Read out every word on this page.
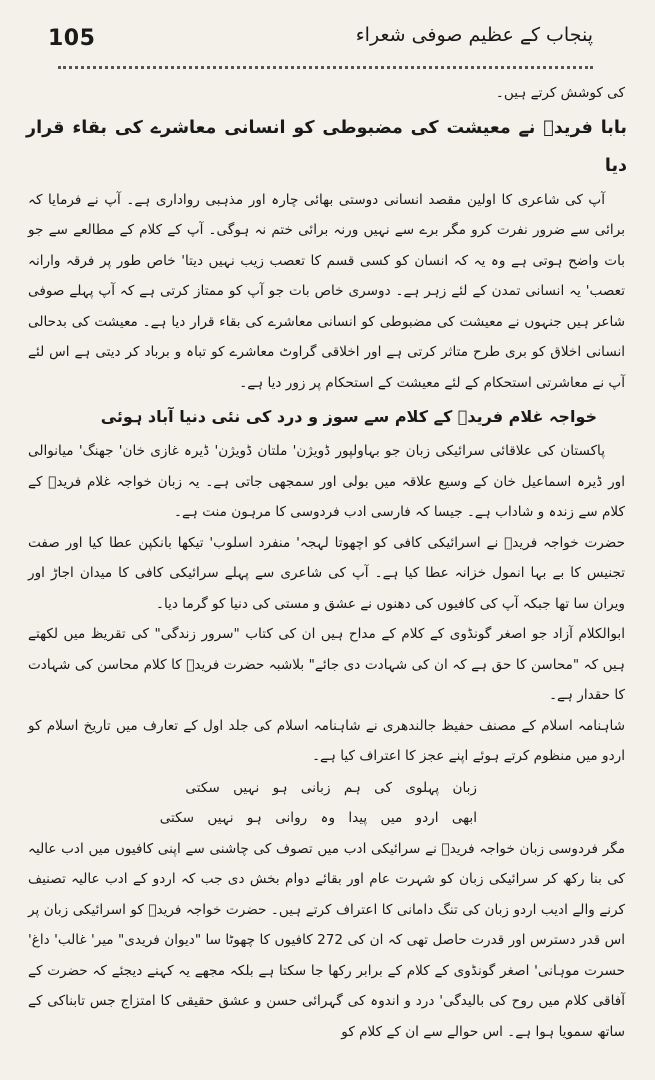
105	پنجاب کے عظیم صوفی شعراء

کی کوشش کرتے ہیں۔

بابا فریدؒ نے معیشت کی مضبوطی کو انسانی معاشرے کی بقاء قرار دیا

آپ کی شاعری کا اولین مقصد انسانی دوستی بھائی چارہ اور مذہبی رواداری ہے۔ آپ نے فرمایا کہ برائی سے ضرور نفرت کرو مگر برے سے نہیں ورنہ برائی ختم نہ ہوگی۔ آپ کے کلام کے مطالعے سے جو بات واضح ہوتی ہے وہ یہ کہ انسان کو کسی قسم کا تعصب زیب نہیں دیتا' خاص طور پر فرقہ وارانہ تعصب' یہ انسانی تمدن کے لئے زہر ہے۔ دوسری خاص بات جو آپ کو ممتاز کرتی ہے کہ آپ پہلے صوفی شاعر ہیں جنہوں نے معیشت کی مضبوطی کو انسانی معاشرے کی بقاء قرار دیا ہے۔ معیشت کی بدحالی انسانی اخلاق کو بری طرح متاثر کرتی ہے اور اخلاقی گراوٹ معاشرے کو تباہ و برباد کر دیتی ہے اس لئے آپ نے معاشرتی استحکام کے لئے معیشت کے استحکام پر زور دیا ہے۔

خواجہ غلام فریدؒ کے کلام سے سوز و درد کی نئی دنیا آباد ہوئی

پاکستان کی علاقائی سرائیکی زبان جو بہاولپور ڈویژن' ملتان ڈویژن' ڈیرہ غازی خان' جھنگ' میانوالی اور ڈیرہ اسماعیل خان کے وسیع علاقہ میں بولی اور سمجھی جاتی ہے۔ یہ زبان خواجہ غلام فریدؒ کے کلام سے زندہ و شاداب ہے۔ جیسا کہ فارسی ادب فردوسی کا مرہون منت ہے۔

حضرت خواجہ فریدؒ نے اسرائیکی کافی کو اچھوتا لہجہ' منفرد اسلوب' تیکھا بانکپن عطا کیا اور صفت تجنیس کا بے بہا انمول خزانہ عطا کیا ہے۔ آپ کی شاعری سے پہلے سرائیکی کافی کا میدان اجاڑ اور ویران سا تھا جبکہ آپ کی کافیوں کی دھنوں نے عشق و مستی کی دنیا کو گرما دیا۔

ابوالکلام آزاد جو اصغر گونڈوی کے کلام کے مداح ہیں ان کی کتاب "سرور زندگی" کی تقریظ میں لکھتے ہیں کہ "محاسن کا حق ہے کہ ان کی شہادت دی جائے" بلاشبہ حضرت فریدؒ کا کلام محاسن کی شہادت کا حقدار ہے۔

شاہنامہ اسلام کے مصنف حفیظ جالندھری نے شاہنامہ اسلام کی جلد اول کے تعارف میں تاریخ اسلام کو اردو میں منظوم کرتے ہوئے اپنے عجز کا اعتراف کیا ہے۔

زبان پہلوی کی ہم زبانی ہو نہیں سکتی

ابھی اردو میں پیدا وہ روانی ہو نہیں سکتی

مگر فردوسی زبان خواجہ فریدؒ نے سرائیکی ادب میں تصوف کی چاشنی سے اپنی کافیوں میں ادب عالیہ کی بنا رکھ کر سرائیکی زبان کو شہرت عام اور بقائے دوام بخش دی جب کہ اردو کے ادب عالیہ تصنیف کرنے والے ادیب اردو زبان کی تنگ دامانی کا اعتراف کرتے ہیں۔ حضرت خواجہ فریدؒ کو اسرائیکی زبان پر اس قدر دسترس اور قدرت حاصل تھی کہ ان کی 272 کافیوں کا چھوٹا سا "دیوان فریدی" میر' غالب' داغ' حسرت موہانی' اصغر گونڈوی کے کلام کے برابر رکھا جا سکتا ہے بلکہ مجھے یہ کہنے دیجئے کہ حضرت کے آفاقی کلام میں روح کی بالیدگی' درد و اندوہ کی گہرائی حسن و عشق حقیقی کا امتزاج جس تابناکی کے ساتھ سمویا ہوا ہے۔ اس حوالے سے ان کے کلام کو
